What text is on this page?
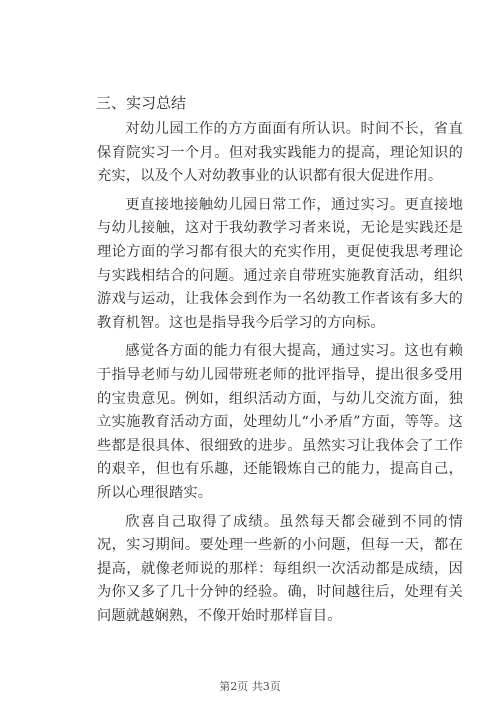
三、实习总结

对幼儿园工作的方方面面有所认识。时间不长，省直保育院实习一个月。但对我实践能力的提高，理论知识的充实，以及个人对幼教事业的认识都有很大促进作用。

更直接地接触幼儿园日常工作，通过实习。更直接地与幼儿接触，这对于我幼教学习者来说，无论是实践还是理论方面的学习都有很大的充实作用，更促使我思考理论与实践相结合的问题。通过亲自带班实施教育活动，组织游戏与运动，让我体会到作为一名幼教工作者该有多大的教育机智。这也是指导我今后学习的方向标。

感觉各方面的能力有很大提高，通过实习。这也有赖于指导老师与幼儿园带班老师的批评指导，提出很多受用的宝贵意见。例如，组织活动方面，与幼儿交流方面，独立实施教育活动方面，处理幼儿“小矛盾”方面，等等。这些都是很具体、很细致的进步。虽然实习让我体会了工作的艰辛，但也有乐趣，还能锻炼自己的能力，提高自己，所以心理很踏实。

欣喜自己取得了成绩。虽然每天都会碰到不同的情况，实习期间。要处理一些新的小问题，但每一天，都在提高，就像老师说的那样：每组织一次活动都是成绩，因为你又多了几十分钟的经验。确，时间越往后，处理有关问题就越娴熟，不像开始时那样盲目。

第2页 共3页
